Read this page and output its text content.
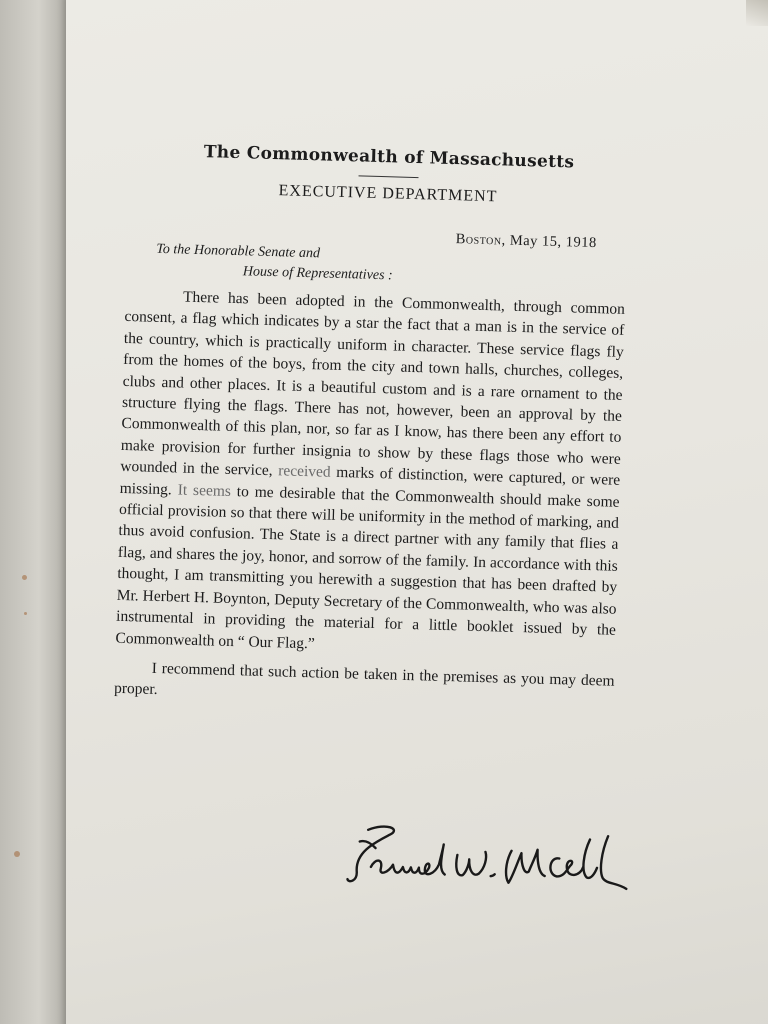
The Commonwealth of Massachusetts
EXECUTIVE DEPARTMENT
Boston, May 15, 1918
To the Honorable Senate and
House of Representatives :

There has been adopted in the Commonwealth, through common consent, a flag which indicates by a star the fact that a man is in the service of the country, which is practically uniform in character. These service flags fly from the homes of the boys, from the city and town halls, churches, colleges, clubs and other places. It is a beautiful custom and is a rare ornament to the structure flying the flags. There has not, however, been an approval by the Commonwealth of this plan, nor, so far as I know, has there been any effort to make provision for further insignia to show by these flags those who were wounded in the service, received marks of distinction, were captured, or were missing. It seems to me desirable that the Commonwealth should make some official provision so that there will be uniformity in the method of marking, and thus avoid confusion. The State is a direct partner with any family that flies a flag, and shares the joy, honor, and sorrow of the family. In accordance with this thought, I am transmitting you herewith a suggestion that has been drafted by Mr. Herbert H. Boynton, Deputy Secretary of the Commonwealth, who was also instrumental in providing the material for a little booklet issued by the Commonwealth on “ Our Flag.”

I recommend that such action be taken in the premises as you may deem proper.
